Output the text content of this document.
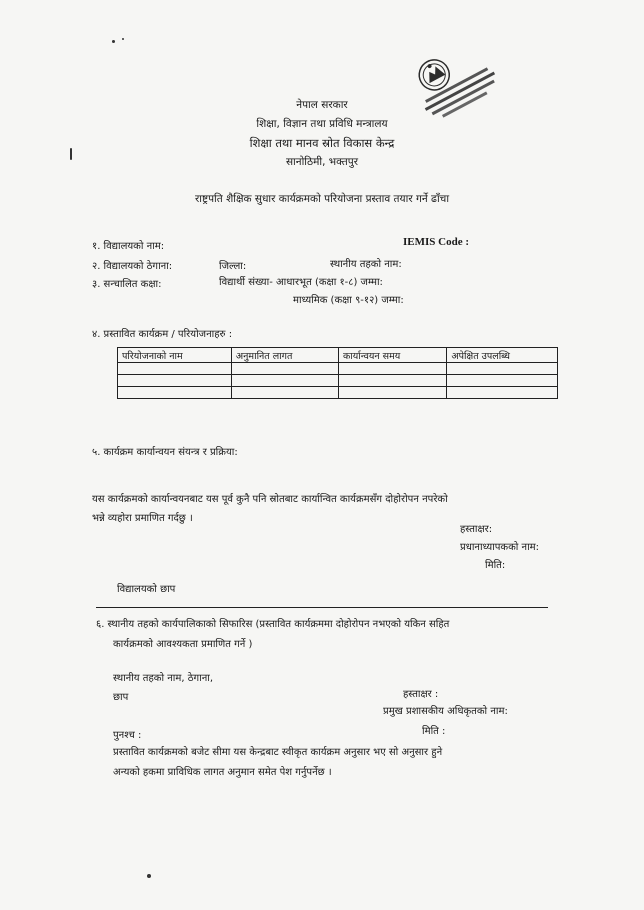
नेपाल सरकार
शिक्षा, विज्ञान तथा प्रविधि मन्त्रालय
शिक्षा तथा मानव स्रोत विकास केन्द्र
सानोठिमी, भक्तपुर
राष्ट्रपति शैक्षिक सुधार कार्यक्रमको परियोजना प्रस्ताव तयार गर्ने ढाँचा
१. विद्यालयको नाम:	IEMIS Code :
२. विद्यालयको ठेगाना:	जिल्ला:	स्थानीय तहको नाम:
३. सन्चालित कक्षा:	विद्यार्थी संख्या- आधारभूत (कक्षा १-८) जम्मा:
माध्यमिक (कक्षा ९-१२) जम्मा:
४. प्रस्तावित कार्यक्रम / परियोजनाहरु :
परियोजनाको नाम	अनुमानित लागत	कार्यान्वयन समय	अपेक्षित उपलब्धि

५. कार्यक्रम कार्यान्वयन संयन्त्र र प्रक्रिया:
यस कार्यक्रमको कार्यान्वयनबाट यस पूर्व कुनै पनि स्रोतबाट कार्यान्वित कार्यक्रमसँग दोहोरोपन नपरेको
भन्ने व्यहोरा प्रमाणित गर्दछु ।
हस्ताक्षर:
प्रधानाध्यापकको नाम:
मिति:
विद्यालयको छाप
६. स्थानीय तहको कार्यपालिकाको सिफारिस (प्रस्तावित कार्यक्रममा दोहोरोपन नभएको यकिन सहित
कार्यक्रमको आवश्यकता प्रमाणित गर्ने )
स्थानीय तहको नाम, ठेगाना,
छाप	हस्ताक्षर :
प्रमुख प्रशासकीय अधिकृतको नाम:
मिति :
पुनश्च :
प्रस्तावित कार्यक्रमको बजेट सीमा यस केन्द्रबाट स्वीकृत कार्यक्रम अनुसार भए सो अनुसार हुने
अन्यको हकमा प्राविधिक लागत अनुमान समेत पेश गर्नुपर्नेछ ।
